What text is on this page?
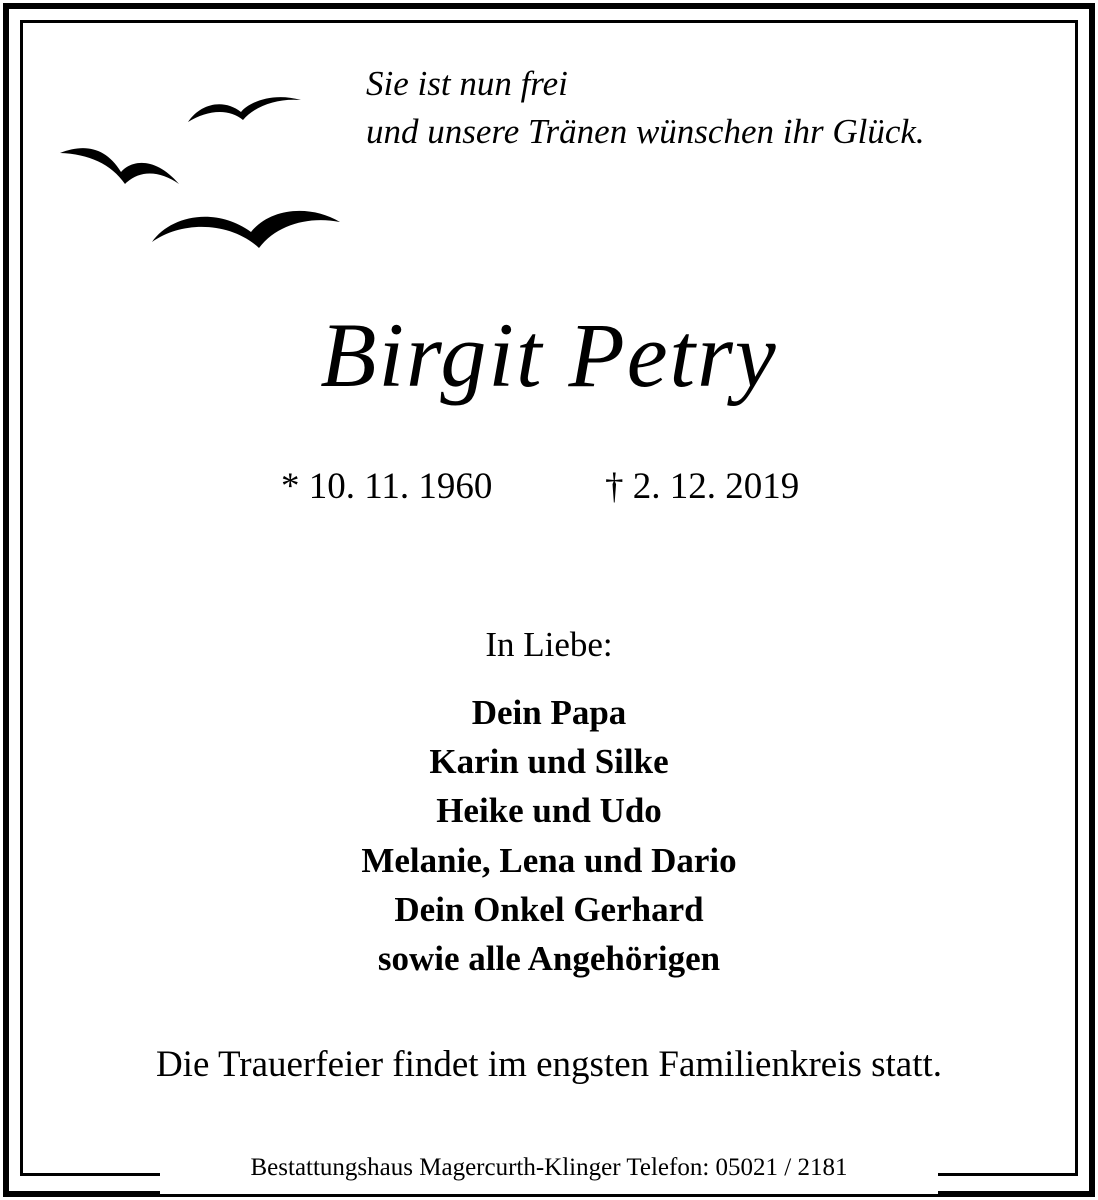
Sie ist nun frei
und unsere Tränen wünschen ihr Glück.
Birgit Petry
* 10. 11. 1960	† 2. 12. 2019
In Liebe:
Dein Papa
Karin und Silke
Heike und Udo
Melanie, Lena und Dario
Dein Onkel Gerhard
sowie alle Angehörigen
Die Trauerfeier findet im engsten Familienkreis statt.
Bestattungshaus Magercurth-Klinger Telefon: 05021 / 2181
